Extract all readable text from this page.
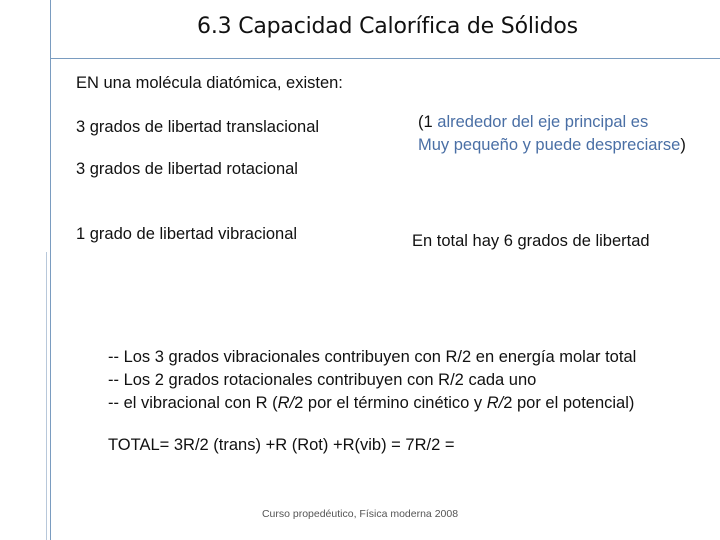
6.3 Capacidad Calorífica de Sólidos
EN una molécula diatómica, existen:
3 grados de libertad translacional	(1 alrededor del eje principal es
Muy pequeño y puede despreciarse)
3 grados de libertad rotacional
1 grado de libertad vibracional	En total hay 6 grados de libertad
-- Los 3 grados vibracionales contribuyen con R/2 en energía molar total
-- Los 2 grados rotacionales contribuyen con R/2 cada uno
-- el vibracional con R (R/2 por el término cinético y R/2 por el potencial)
TOTAL= 3R/2 (trans) +R (Rot) +R(vib) = 7R/2 =
Curso propedéutico, Física moderna 2008
